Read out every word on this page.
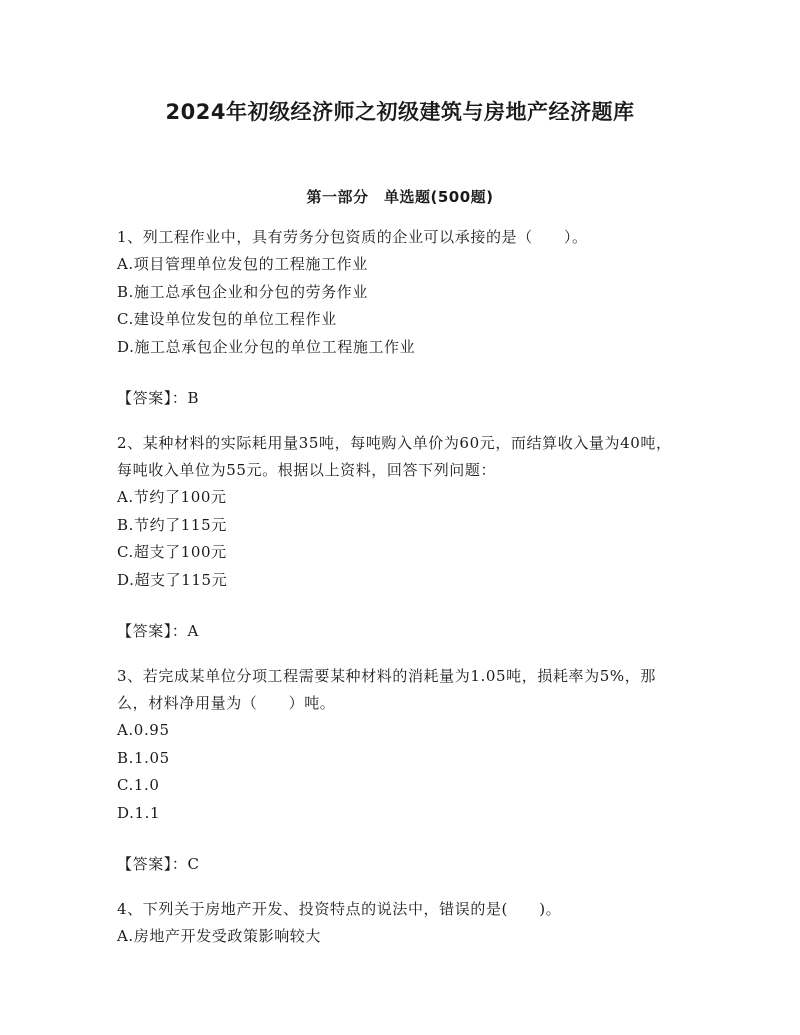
2024年初级经济师之初级建筑与房地产经济题库
第一部分　单选题(500题)

1、列工程作业中，具有劳务分包资质的企业可以承接的是（　　）。

A.项目管理单位发包的工程施工作业

B.施工总承包企业和分包的劳务作业

C.建设单位发包的单位工程作业

D.施工总承包企业分包的单位工程施工作业

【答案】：B

2、某种材料的实际耗用量35吨，每吨购入单价为60元，而结算收入量为40吨，每吨收入单位为55元。根据以上资料，回答下列问题：

A.节约了100元

B.节约了115元

C.超支了100元

D.超支了115元

【答案】：A

3、若完成某单位分项工程需要某种材料的消耗量为1.05吨，损耗率为5%，那么，材料净用量为（　　）吨。

A.0.95

B.1.05

C.1.0

D.1.1

【答案】：C

4、下列关于房地产开发、投资特点的说法中，错误的是(　　)。

A.房地产开发受政策影响较大
